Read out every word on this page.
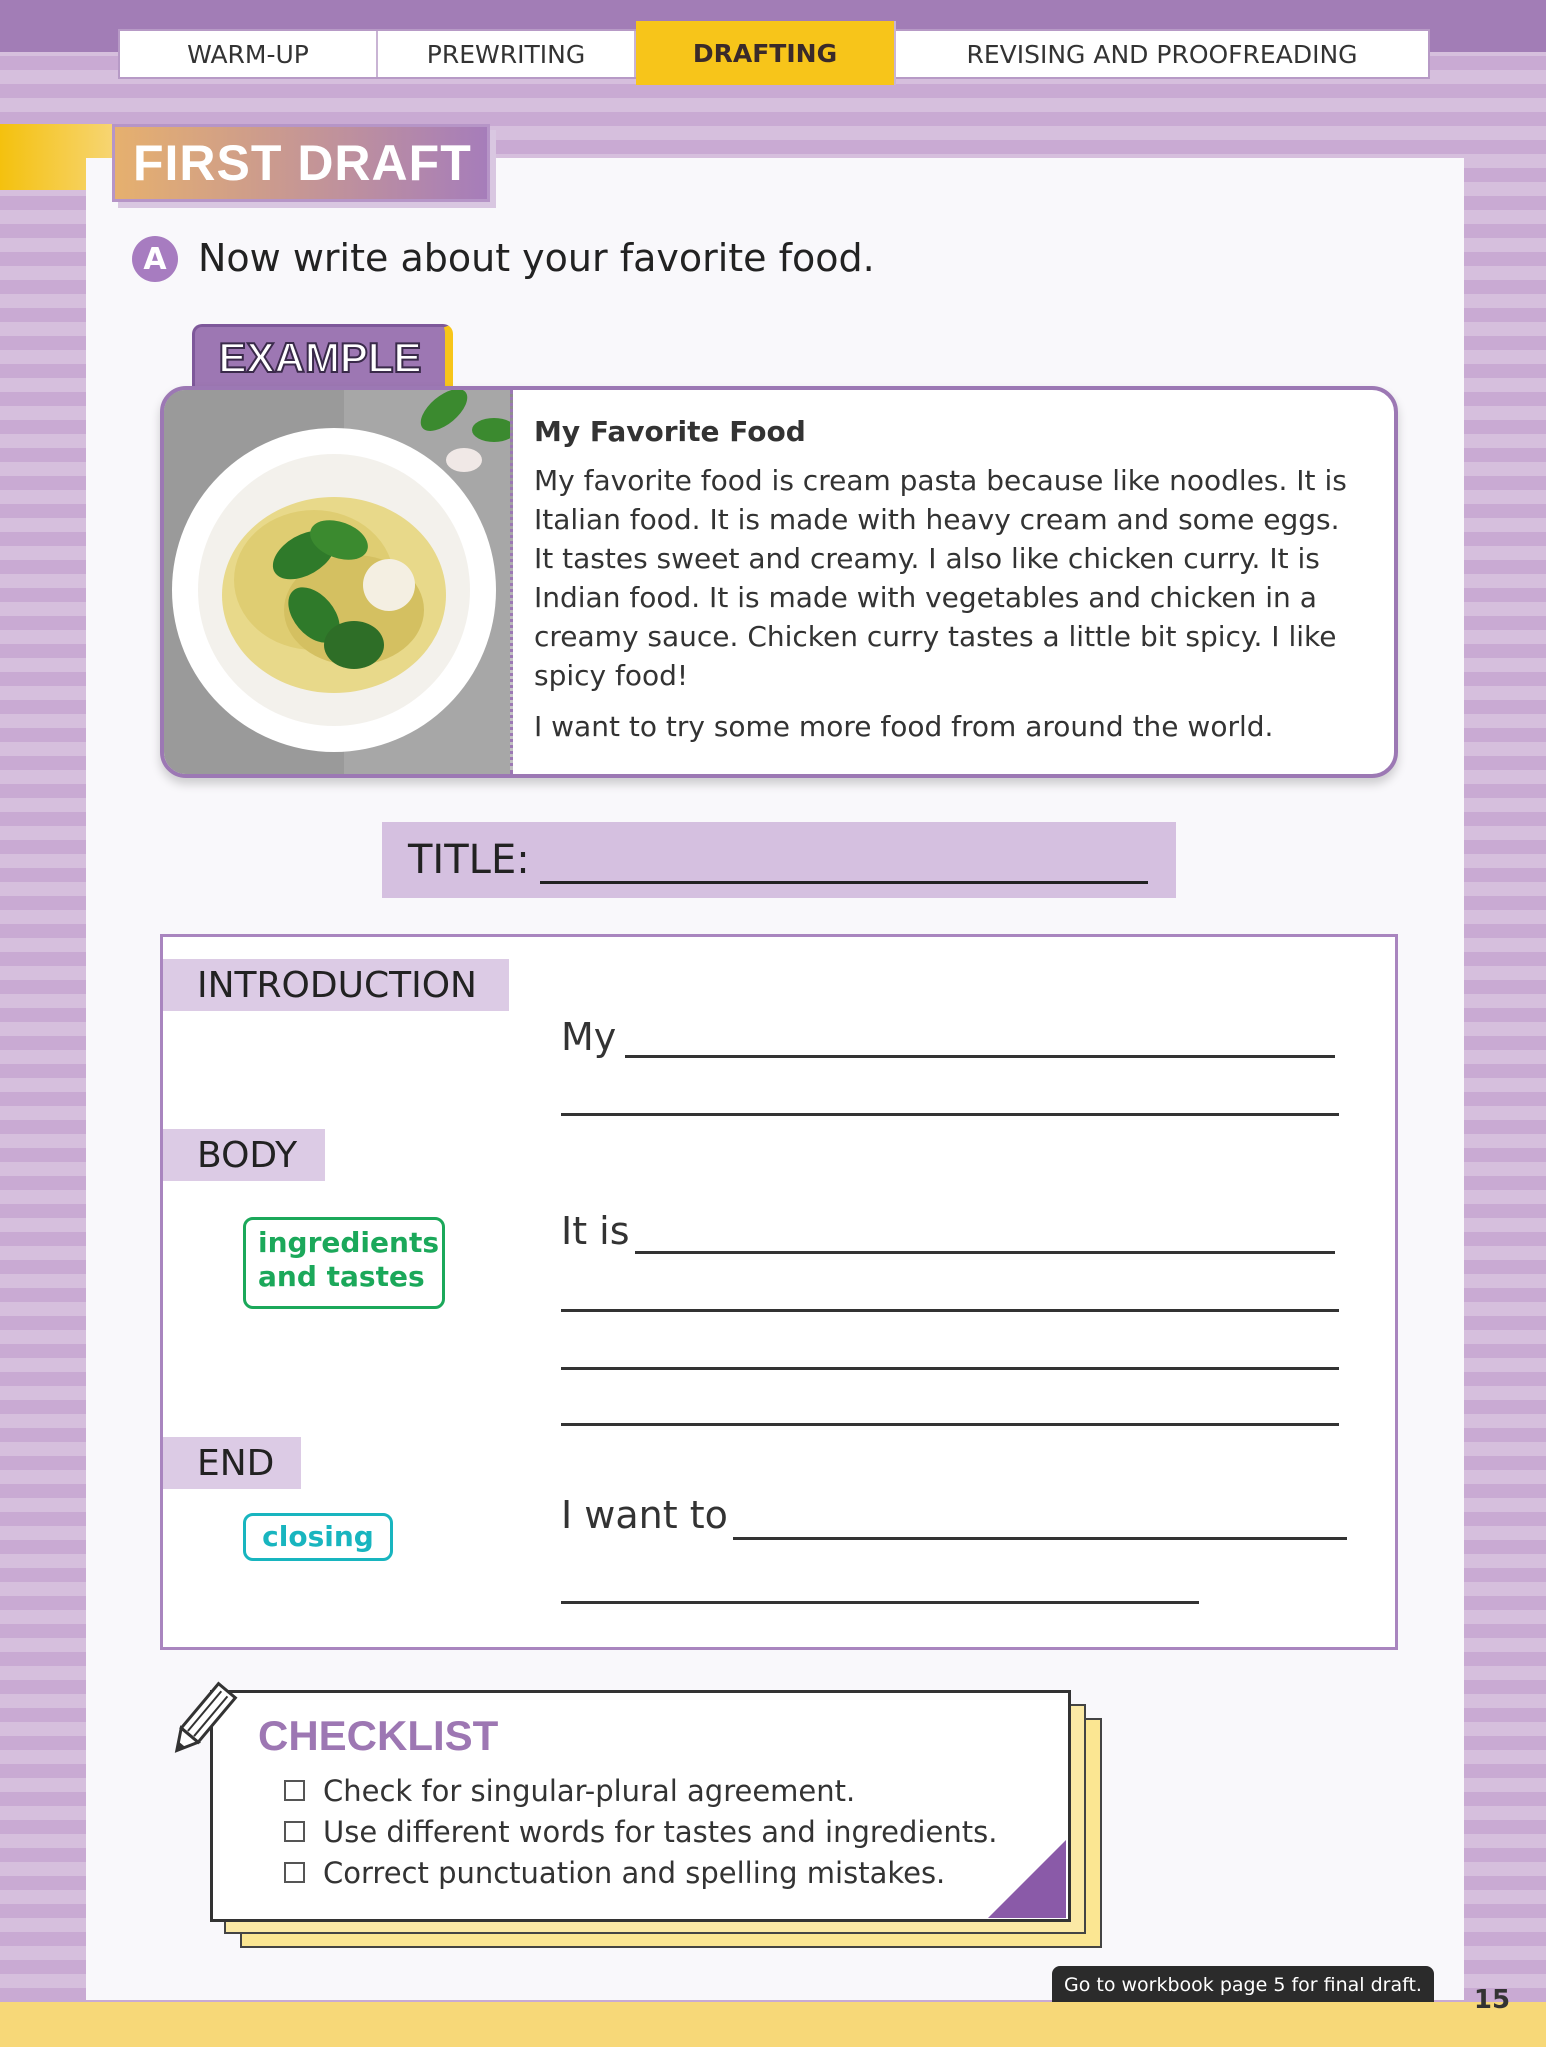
WARM-UP	PREWRITING	DRAFTING	REVISING AND PROOFREADING
FIRST DRAFT
A Now write about your favorite food.
EXAMPLE
My Favorite Food

My favorite food is cream pasta because like noodles. It is Italian food. It is made with heavy cream and some eggs. It tastes sweet and creamy. I also like chicken curry. It is Indian food. It is made with vegetables and chicken in a creamy sauce. Chicken curry tastes a little bit spicy. I like spicy food!

I want to try some more food from around the world.

TITLE:
INTRODUCTION
BODY
END
ingredients and tastes
closing
My
It is
I want to
CHECKLIST
Check for singular-plural agreement.
Use different words for tastes and ingredients.
Correct punctuation and spelling mistakes.
Go to workbook page 5 for final draft.	15
